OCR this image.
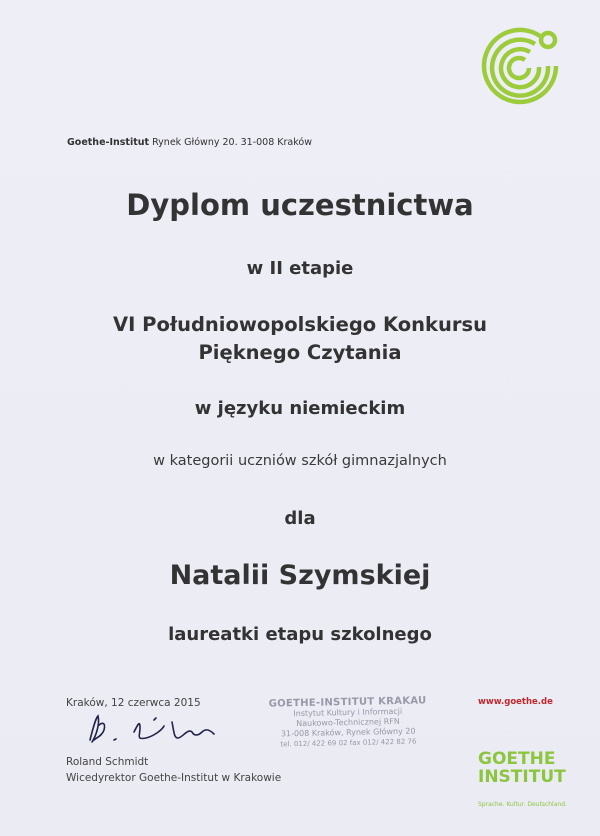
Goethe-Institut Rynek Główny 20. 31-008 Kraków
Dyplom uczestnictwa
w II etapie
VI Południowopolskiego Konkursu
Pięknego Czytania
w języku niemieckim
w kategorii uczniów szkół gimnazjalnych
dla
Natalii Szymskiej
laureatki etapu szkolnego
Kraków, 12 czerwca 2015
Roland Schmidt
Wicedyrektor Goethe-Institut w Krakowie
GOETHE-INSTITUT KRAKAU
Instytut Kultury i Informacji
Naukowo-Technicznej RFN
31-008 Kraków, Rynek Główny 20
tel. 012/ 422 69 02 fax 012/ 422 82 76
www.goethe.de
GOETHE
INSTITUT
Sprache. Kultur. Deutschland.
